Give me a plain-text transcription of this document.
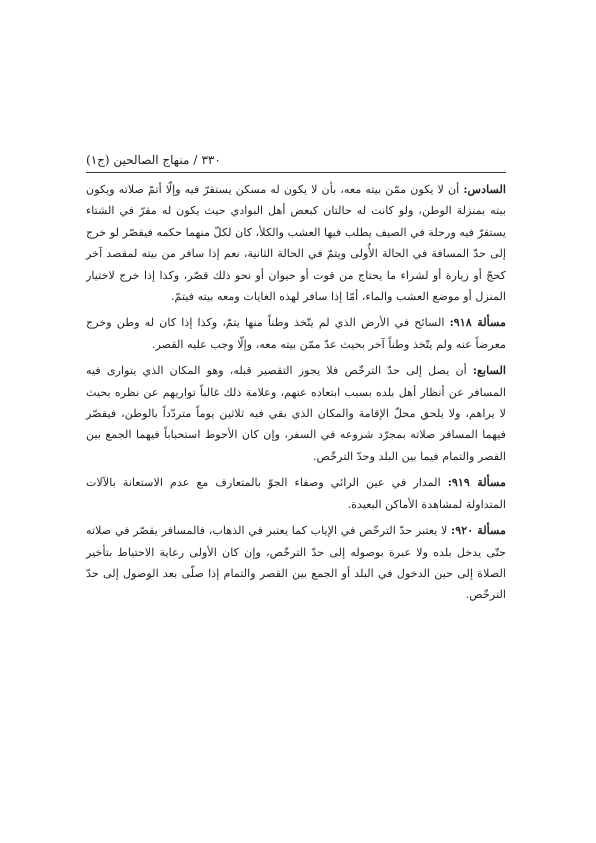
٣٣٠
/
منهاج الصالحين (ج١)

السادس: أن لا يكون ممّن بيته معه، بأن لا يكون له مسكن يستقرّ فيه وإلّا أتمّ صلاته ويكون بيته بمنزلة الوطن، ولو كانت له حالتان كبعض أهل البوادي حيث يكون له مقرّ في الشتاء يستقرّ فيه ورحلة في الصيف يطلب فيها العشب والكلأ، كان لكلّ منهما حكمه فيقصّر لو خرج إلى حدّ المسافة في الحالة الأُولى ويتمّ في الحالة الثانية، نعم إذا سافر من بيته لمقصد آخر كحجّ أو زيارة أو لشراء ما يحتاج من قوت أو حيوان أو نحو ذلك قصّر، وكذا إذا خرج لاختيار المنزل أو موضع العشب والماء، أمّا إذا سافر لهذه الغايات ومعه بيته فيتمّ.

مسألة ٩١٨: السائح في الأرض الذي لم يتّخذ وطناً منها يتمّ، وكذا إذا كان له وطن وخرج معرضاً عنه ولم يتّخذ وطناً آخر بحيث عدّ ممّن بيته معه، وإلّا وجب عليه القصر.

السابع: أن يصل إلى حدّ الترخّص فلا يجوز التقصير قبله، وهو المكان الذي يتوارى فيه المسافر عن أنظار أهل بلده بسبب ابتعاده عنهم، وعلامة ذلك غالباً تواريهم عن نظره بحيث لا يراهم، ولا يلحق محلّ الإقامة والمكان الذي بقي فيه ثلاثين يوماً متردّداً بالوطن، فيقصّر فيهما المسافر صلاته بمجرّد شروعه في السفر، وإن كان الأحوط استحباباً فيهما الجمع بين القصر والتمام فيما بين البلد وحدّ الترخّص.

مسألة ٩١٩: المدار في عين الرائي وصفاء الجوّ بالمتعارف مع عدم الاستعانة بالآلات المتداولة لمشاهدة الأماكن البعيدة.

مسألة ٩٢٠: لا يعتبر حدّ الترخّص في الإياب كما يعتبر في الذهاب، فالمسافر يقصّر في صلاته حتّى يدخل بلده ولا عبرة بوصوله إلى حدّ الترخّص، وإن كان الأولى رعاية الاحتياط بتأخير الصلاة إلى حين الدخول في البلد أو الجمع بين القصر والتمام إذا صلّى بعد الوصول إلى حدّ الترخّص.
